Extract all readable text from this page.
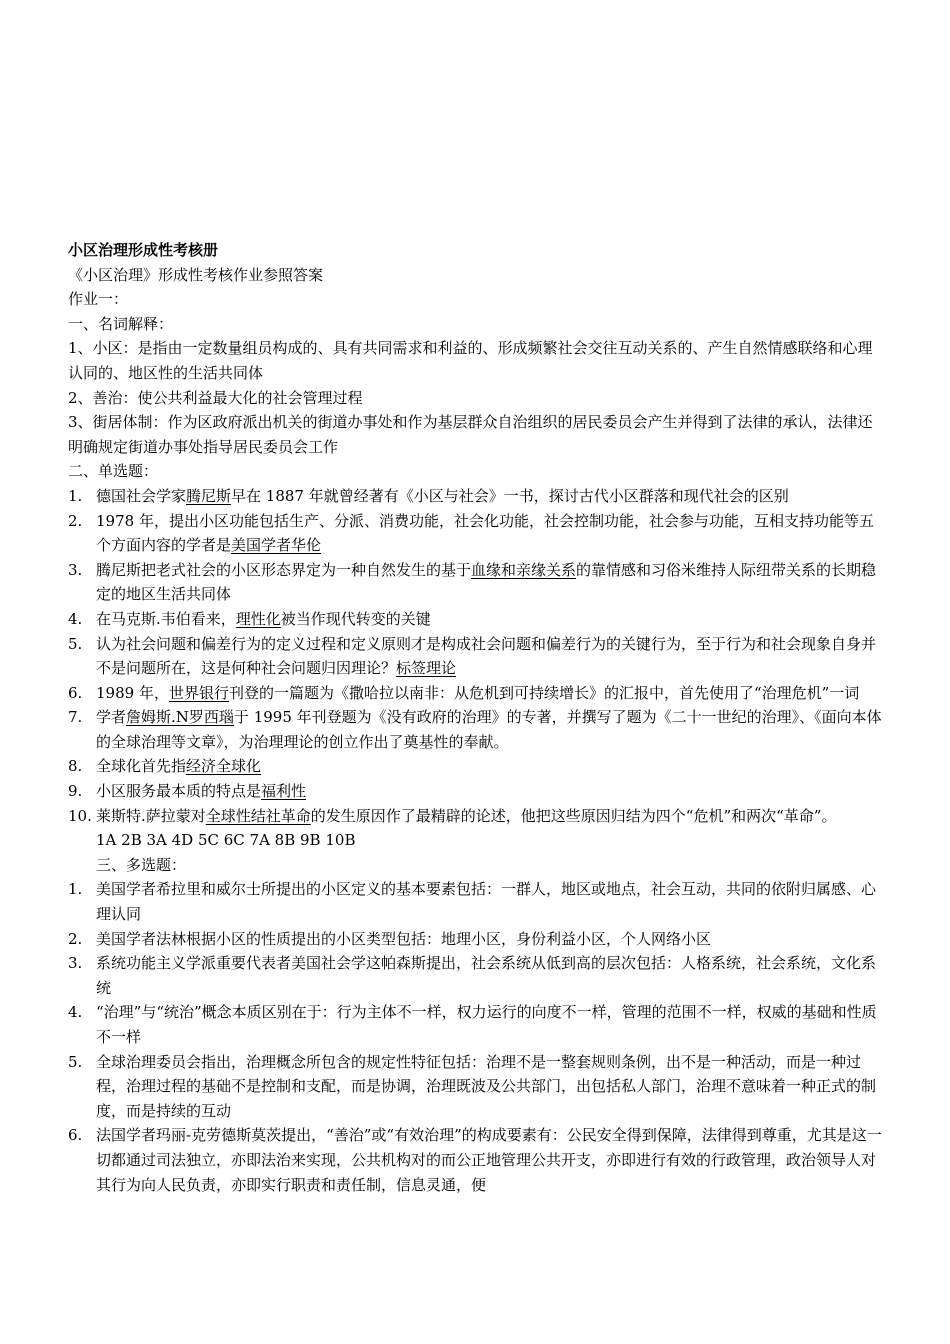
小区治理形成性考核册

《小区治理》形成性考核作业参照答案

作业一：

一、名词解释：

1、小区：是指由一定数量组员构成的、具有共同需求和利益的、形成频繁社会交往互动关系的、产生自然情感联络和心理认同的、地区性的生活共同体

2、善治：使公共利益最大化的社会管理过程

3、街居体制：作为区政府派出机关的街道办事处和作为基层群众自治组织的居民委员会产生并得到了法律的承认，法律还明确规定街道办事处指导居民委员会工作

二、单选题：

1. 德国社会学家腾尼斯早在 1887 年就曾经著有《小区与社会》一书，探讨古代小区群落和现代社会的区别
2. 1978 年，提出小区功能包括生产、分派、消费功能，社会化功能，社会控制功能，社会参与功能，互相支持功能等五个方面内容的学者是美国学者华伦
3. 腾尼斯把老式社会的小区形态界定为一种自然发生的基于血缘和亲缘关系的靠情感和习俗米维持人际纽带关系的长期稳定的地区生活共同体
4. 在马克斯.韦伯看来，理性化被当作现代转变的关键
5. 认为社会问题和偏差行为的定义过程和定义原则才是构成社会问题和偏差行为的关键行为，至于行为和社会现象自身并不是问题所在，这是何种社会问题归因理论？标签理论
6. 1989 年，世界银行刊登的一篇题为《撒哈拉以南非：从危机到可持续增长》的汇报中，首先使用了“治理危机”一词
7. 学者詹姆斯.N罗西瑙于 1995 年刊登题为《没有政府的治理》的专著，并撰写了题为《二十一世纪的治理》、《面向本体的全球治理等文章》，为治理理论的创立作出了奠基性的奉献。
8. 全球化首先指经济全球化
9. 小区服务最本质的特点是福利性
10. 莱斯特.萨拉蒙对全球性结社革命的发生原因作了最精辟的论述，他把这些原因归结为四个“危机”和两次“革命”。

1A 2B 3A 4D 5C 6C 7A 8B 9B 10B

三、多选题：

1. 美国学者希拉里和威尔士所提出的小区定义的基本要素包括：一群人，地区或地点，社会互动，共同的依附归属感、心理认同
2. 美国学者法林根据小区的性质提出的小区类型包括：地理小区，身份利益小区，个人网络小区
3. 系统功能主义学派重要代表者美国社会学这帕森斯提出，社会系统从低到高的层次包括：人格系统，社会系统，文化系统
4. “治理”与“统治”概念本质区别在于：行为主体不一样，权力运行的向度不一样，管理的范围不一样，权威的基础和性质不一样
5. 全球治理委员会指出，治理概念所包含的规定性特征包括：治理不是一整套规则条例，出不是一种活动，而是一种过程，治理过程的基础不是控制和支配，而是协调，治理既波及公共部门，出包括私人部门，治理不意味着一种正式的制度，而是持续的互动
6. 法国学者玛丽-克劳德斯莫茨提出，“善治”或“有效治理”的构成要素有：公民安全得到保障，法律得到尊重，尤其是这一切都通过司法独立，亦即法治来实现，公共机构对的而公正地管理公共开支，亦即进行有效的行政管理，政治领导人对其行为向人民负责，亦即实行职责和责任制，信息灵通，便
